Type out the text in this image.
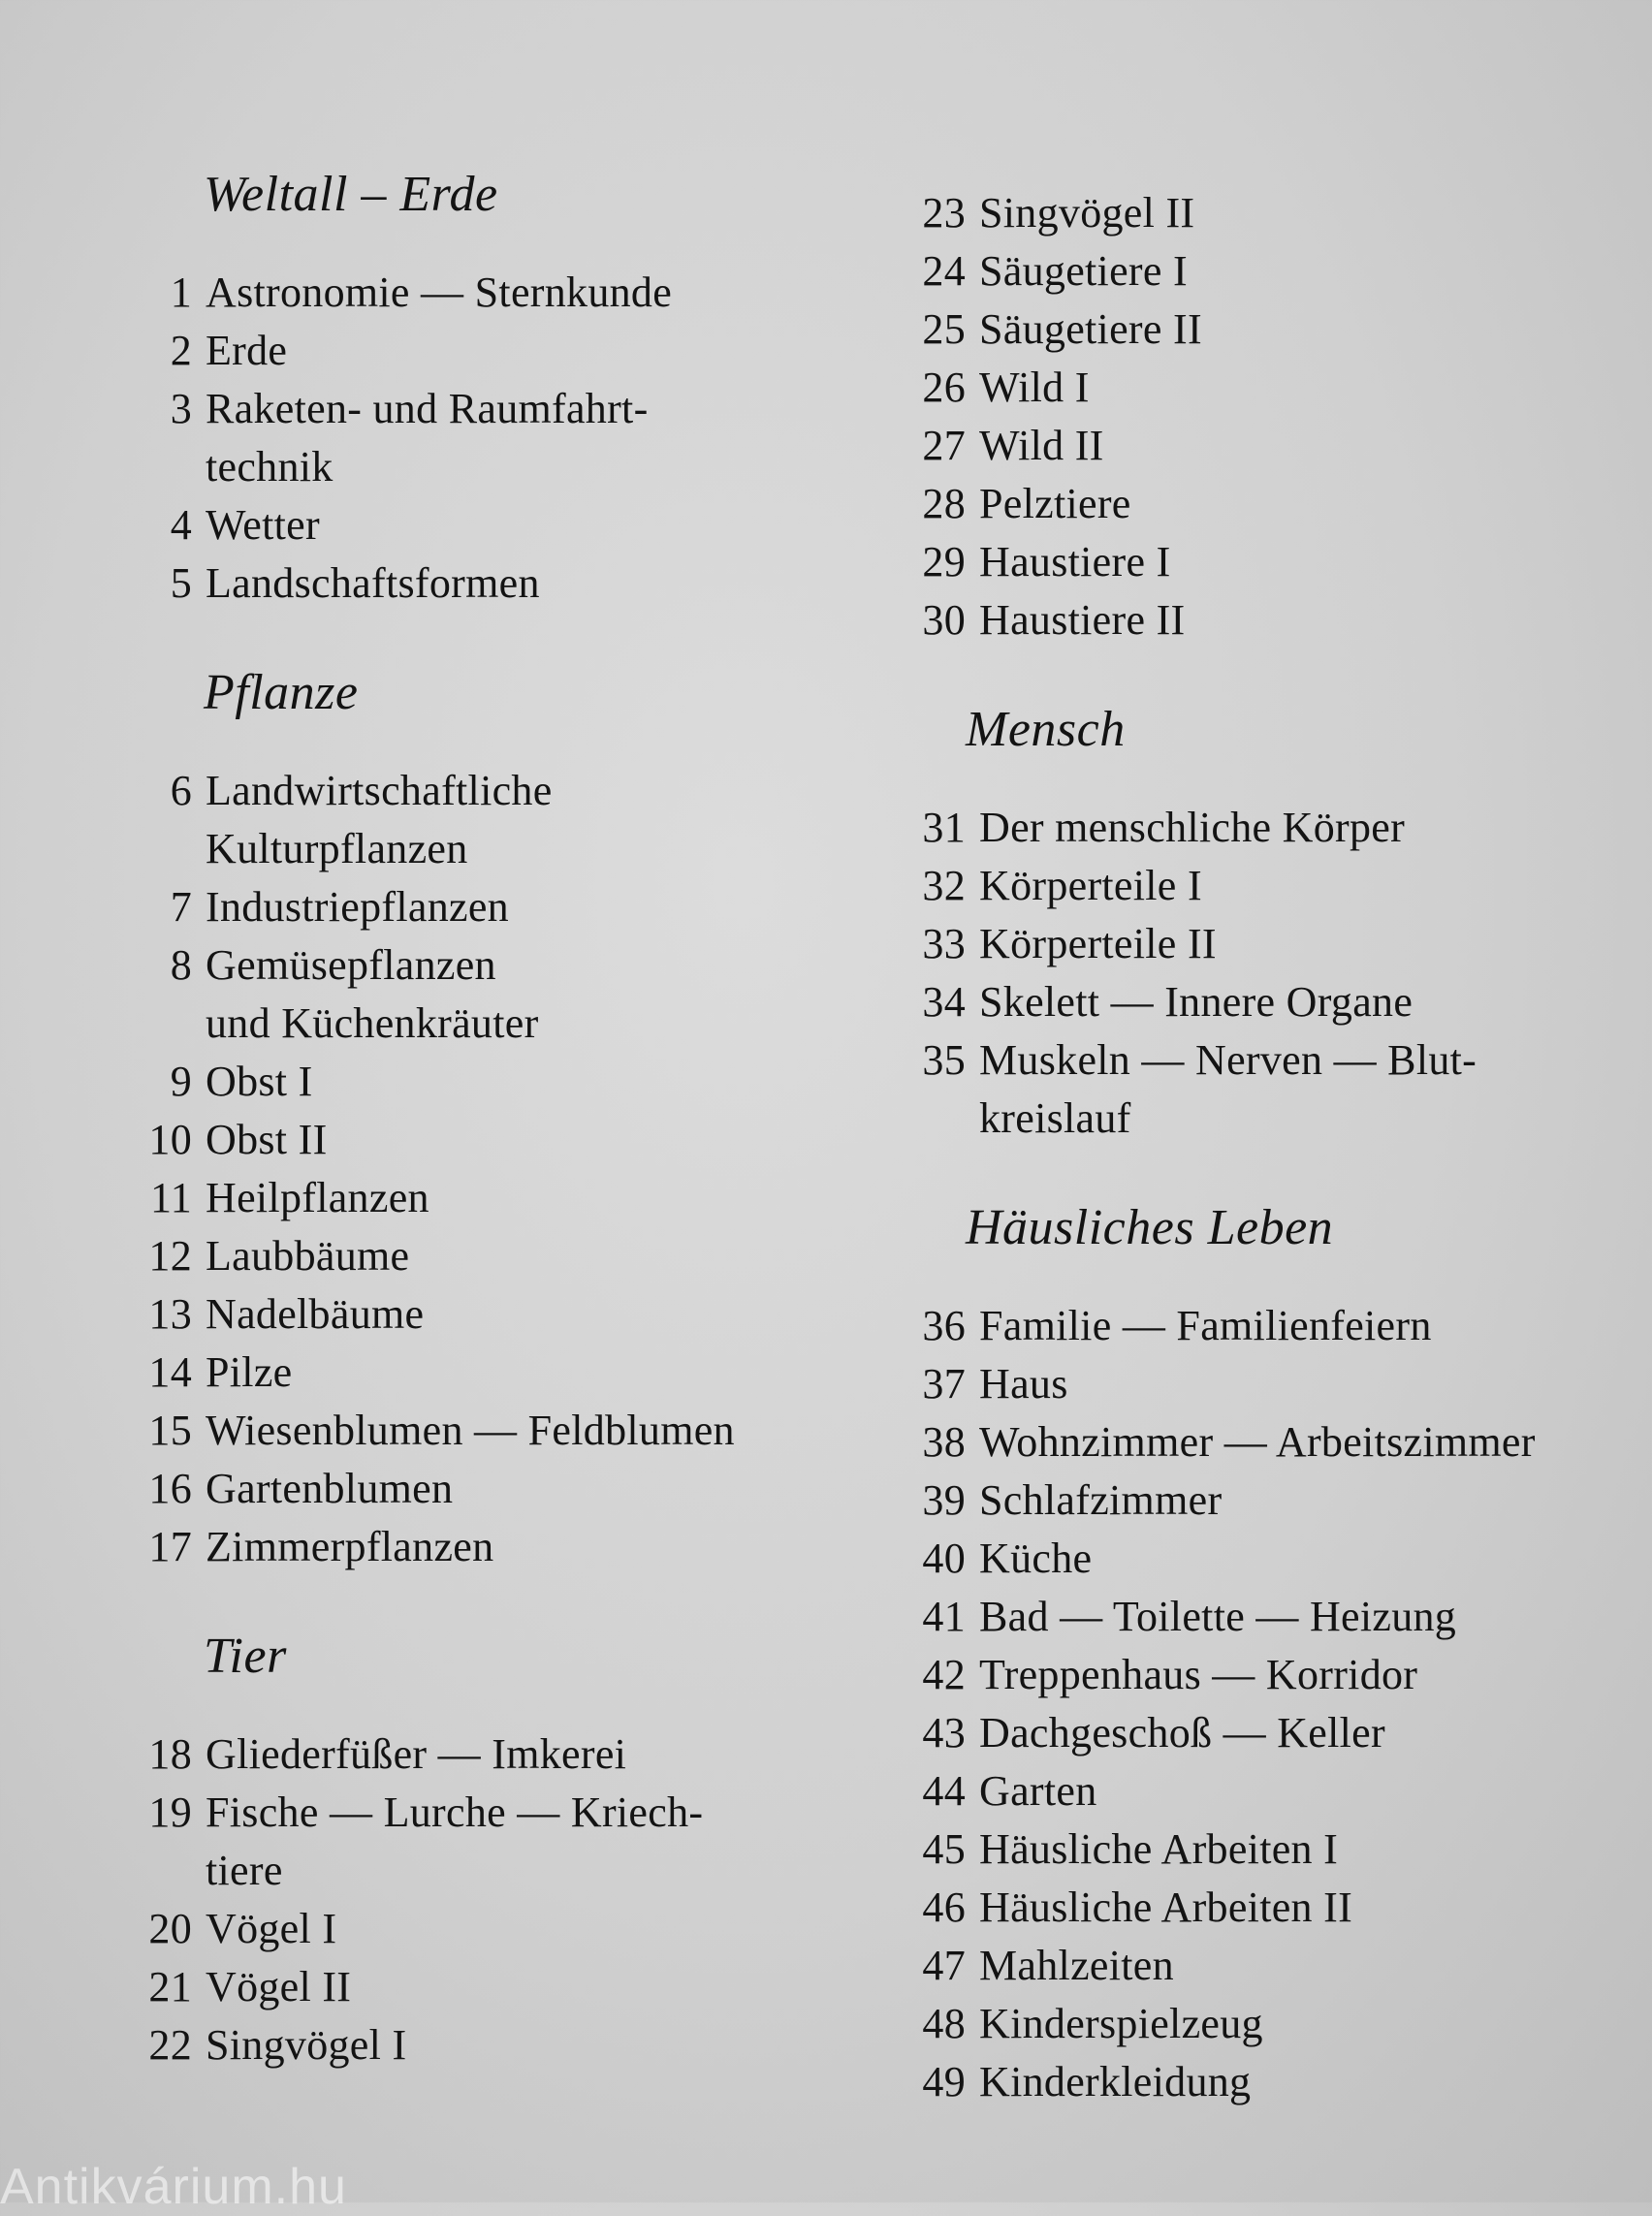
Weltall – Erde
1 Astronomie — Sternkunde
2 Erde
3 Raketen- und Raumfahrt-
technik
4 Wetter
5 Landschaftsformen
Pflanze
6 Landwirtschaftliche
Kulturpflanzen
7 Industriepflanzen
8 Gemüsepflanzen
und Küchenkräuter
9 Obst I
10 Obst II
11 Heilpflanzen
12 Laubbäume
13 Nadelbäume
14 Pilze
15 Wiesenblumen — Feldblumen
16 Gartenblumen
17 Zimmerpflanzen
Tier
18 Gliederfüßer — Imkerei
19 Fische — Lurche — Kriech-
tiere
20 Vögel I
21 Vögel II
22 Singvögel I
23 Singvögel II
24 Säugetiere I
25 Säugetiere II
26 Wild I
27 Wild II
28 Pelztiere
29 Haustiere I
30 Haustiere II
Mensch
31 Der menschliche Körper
32 Körperteile I
33 Körperteile II
34 Skelett — Innere Organe
35 Muskeln — Nerven — Blut-
kreislauf
Häusliches Leben
36 Familie — Familienfeiern
37 Haus
38 Wohnzimmer — Arbeitszimmer
39 Schlafzimmer
40 Küche
41 Bad — Toilette — Heizung
42 Treppenhaus — Korridor
43 Dachgeschoß — Keller
44 Garten
45 Häusliche Arbeiten I
46 Häusliche Arbeiten II
47 Mahlzeiten
48 Kinderspielzeug
49 Kinderkleidung
Antikvárium.hu
